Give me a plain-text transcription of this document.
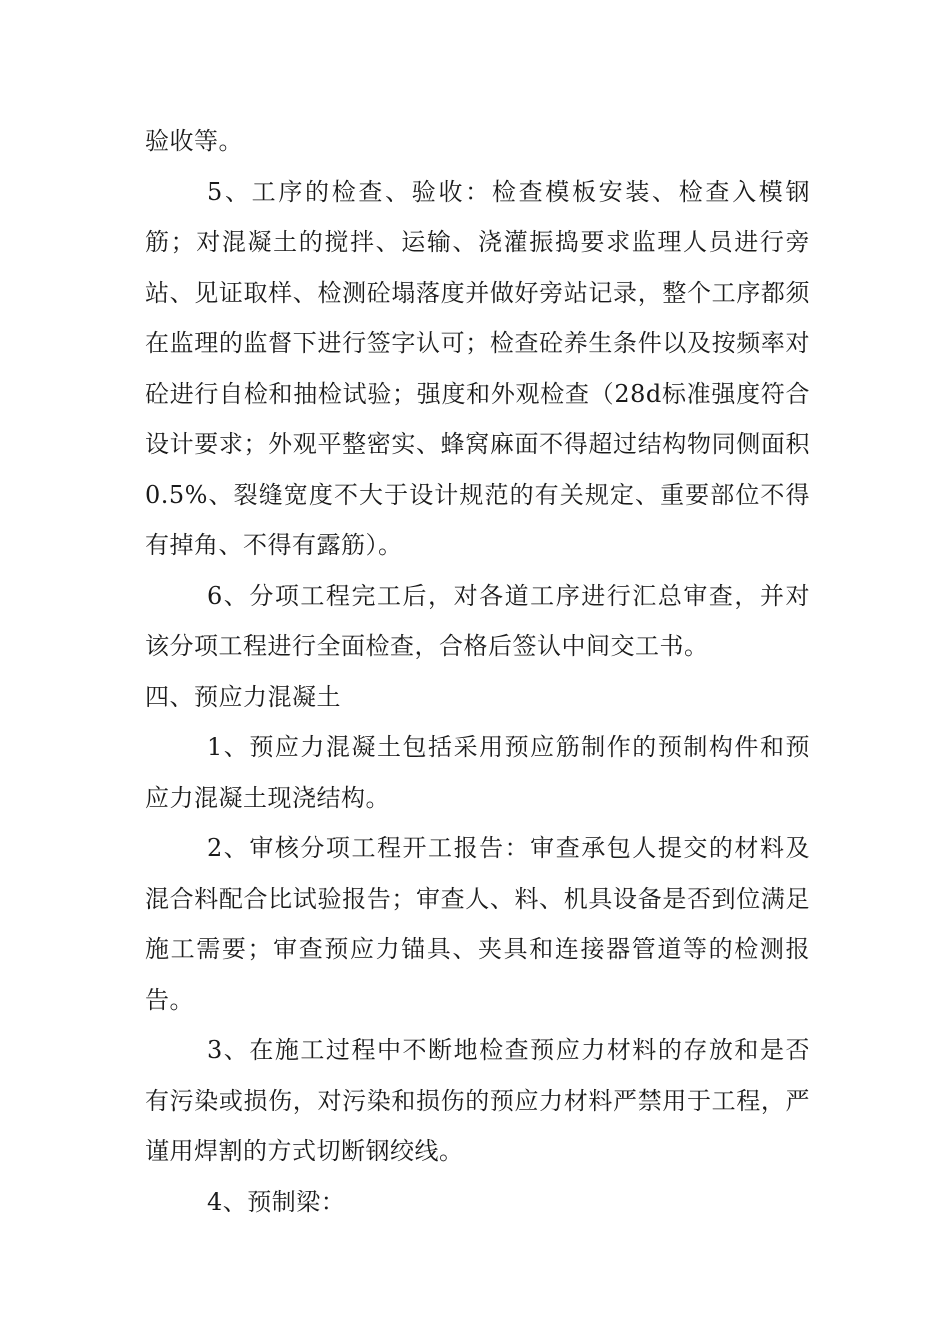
验收等。

5、工序的检查、验收：检查模板安装、检查入模钢筋；对混凝土的搅拌、运输、浇灌振捣要求监理人员进行旁站、见证取样、检测砼塌落度并做好旁站记录，整个工序都须在监理的监督下进行签字认可；检查砼养生条件以及按频率对砼进行自检和抽检试验；强度和外观检查（28d标准强度符合设计要求；外观平整密实、蜂窝麻面不得超过结构物同侧面积0.5%、裂缝宽度不大于设计规范的有关规定、重要部位不得有掉角、不得有露筋）。

6、分项工程完工后，对各道工序进行汇总审查，并对该分项工程进行全面检查，合格后签认中间交工书。

四、预应力混凝土

1、预应力混凝土包括采用预应筋制作的预制构件和预应力混凝土现浇结构。

2、审核分项工程开工报告：审查承包人提交的材料及混合料配合比试验报告；审查人、料、机具设备是否到位满足施工需要；审查预应力锚具、夹具和连接器管道等的检测报告。

3、在施工过程中不断地检查预应力材料的存放和是否有污染或损伤，对污染和损伤的预应力材料严禁用于工程，严谨用焊割的方式切断钢绞线。

4、预制梁：
